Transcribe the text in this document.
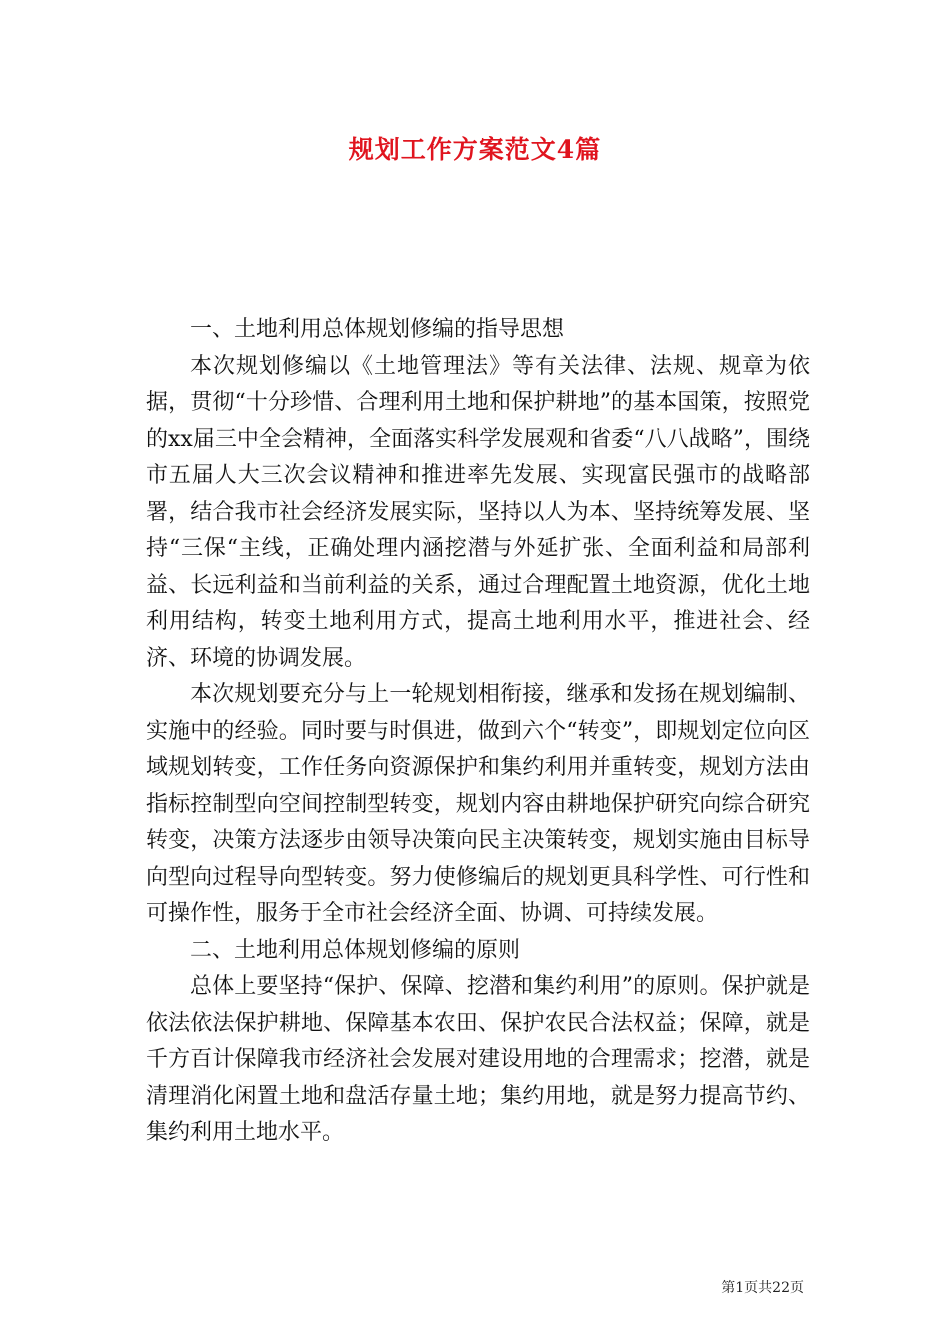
规划工作方案范文4篇

一、土地利用总体规划修编的指导思想

本次规划修编以《土地管理法》等有关法律、法规、规章为依据，贯彻“十分珍惜、合理利用土地和保护耕地”的基本国策，按照党的xx届三中全会精神，全面落实科学发展观和省委“八八战略”，围绕市五届人大三次会议精神和推进率先发展、实现富民强市的战略部署，结合我市社会经济发展实际，坚持以人为本、坚持统筹发展、坚持“三保“主线，正确处理内涵挖潜与外延扩张、全面利益和局部利益、长远利益和当前利益的关系，通过合理配置土地资源，优化土地利用结构，转变土地利用方式，提高土地利用水平，推进社会、经济、环境的协调发展。

本次规划要充分与上一轮规划相衔接，继承和发扬在规划编制、实施中的经验。同时要与时俱进，做到六个“转变”，即规划定位向区域规划转变，工作任务向资源保护和集约利用并重转变，规划方法由指标控制型向空间控制型转变，规划内容由耕地保护研究向综合研究转变，决策方法逐步由领导决策向民主决策转变，规划实施由目标导向型向过程导向型转变。努力使修编后的规划更具科学性、可行性和可操作性，服务于全市社会经济全面、协调、可持续发展。

二、土地利用总体规划修编的原则

总体上要坚持“保护、保障、挖潜和集约利用”的原则。保护就是依法依法保护耕地、保障基本农田、保护农民合法权益；保障，就是千方百计保障我市经济社会发展对建设用地的合理需求；挖潜，就是清理消化闲置土地和盘活存量土地；集约用地，就是努力提高节约、集约利用土地水平。

第1页共22页
